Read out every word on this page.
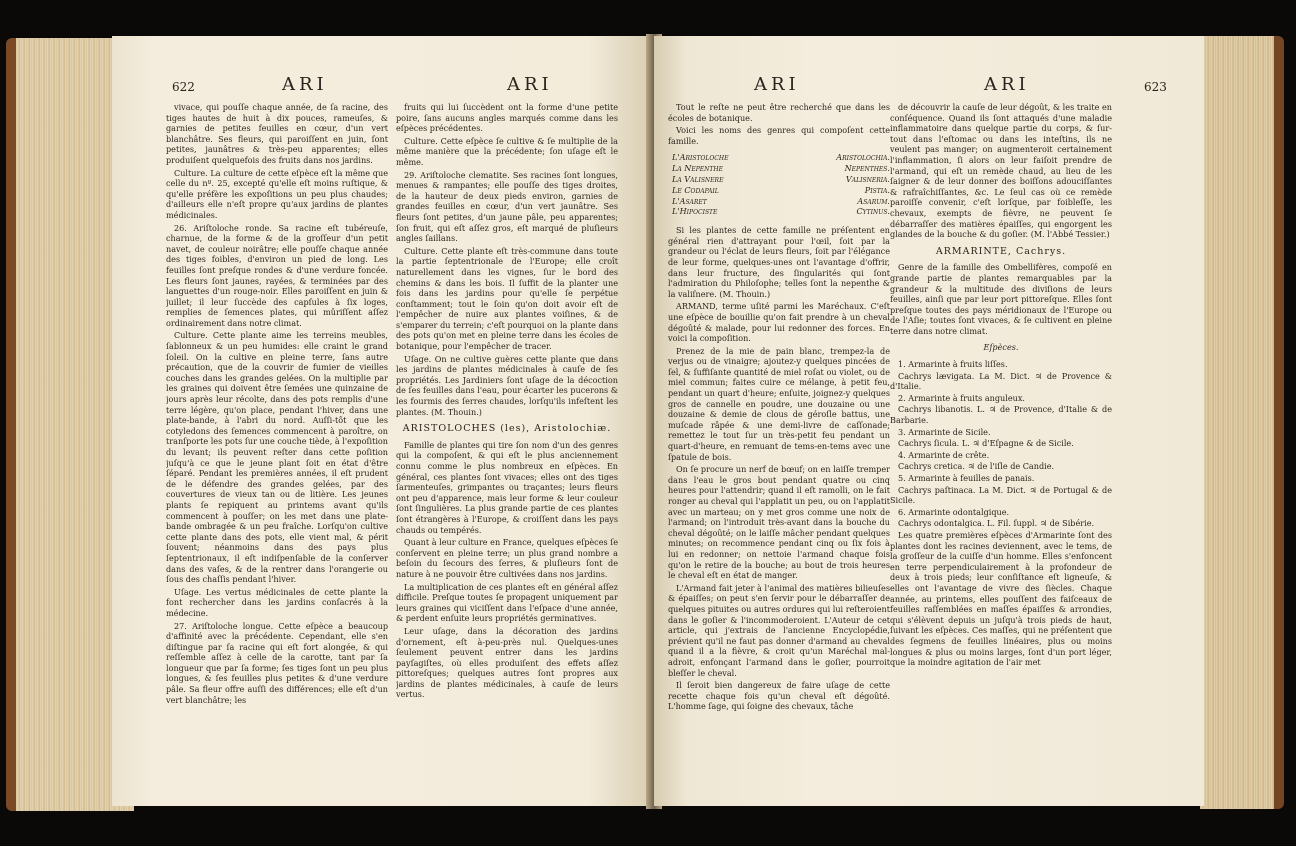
622	ARI	ARI

vivace, qui pouſſe chaque année, de ſa racine, des tiges hautes de huit à dix pouces, rameuſes, & garnies de petites feuilles en cœur, d'un vert blanchâtre. Ses fleurs, qui paroiſſent en juin, ſont petites, jaunâtres & très-peu apparentes; elles produiſent quelquefois des fruits dans nos jardins.

Culture. La culture de cette eſpèce eſt la même que celle du nº. 25, excepté qu'elle eſt moins ruſtique, & qu'elle préfère les expoſitions un peu plus chaudes; d'ailleurs elle n'eſt propre qu'aux jardins de plantes médicinales.

26. Ariſtoloche ronde. Sa racine eſt tubéreuſe, charnue, de la forme & de la groſſeur d'un petit navet, de couleur noirâtre; elle pouſſe chaque année des tiges foibles, d'environ un pied de long. Les feuilles ſont preſque rondes & d'une verdure foncée. Les fleurs ſont jaunes, rayées, & terminées par des languettes d'un rouge-noir. Elles paroiſſent en juin & juillet; il leur ſuccède des capſules à ſix loges, remplies de ſemences plates, qui mûriſſent aſſez ordinairement dans notre climat.

Culture. Cette plante aime les terreins meubles, ſablonneux & un peu humides: elle craint le grand ſoleil. On la cultive en pleine terre, ſans autre précaution, que de la couvrir de fumier de vieilles couches dans les grandes gelées. On la multiplie par les graines qui doivent être ſemées une quinzaine de jours après leur récolte, dans des pots remplis d'une terre légère, qu'on place, pendant l'hiver, dans une plate-bande, à l'abri du nord. Auſſi-tôt que les cotyledons des ſemences commencent à paroître, on tranſporte les pots ſur une couche tiède, à l'expoſition du levant; ils peuvent reſter dans cette poſition juſqu'à ce que le jeune plant ſoit en état d'être ſéparé. Pendant les premières années, il eſt prudent de le défendre des grandes gelées, par des couvertures de vieux tan ou de litière. Les jeunes plants ſe repiquent au printems avant qu'ils commencent à pouſſer; on les met dans une plate-bande ombragée & un peu fraîche. Lorſqu'on cultive cette plante dans des pots, elle vient mal, & périt ſouvent; néanmoins dans des pays plus ſeptentrionaux, il eſt indiſpenſable de la conſerver dans des vaſes, & de la rentrer dans l'orangerie ou ſous des chaſſis pendant l'hiver.

Uſage. Les vertus médicinales de cette plante la font rechercher dans les jardins conſacrés à la médecine.

27. Ariſtoloche longue. Cette eſpèce a beaucoup d'affinité avec la précédente. Cependant, elle s'en diſtingue par ſa racine qui eſt fort alongée, & qui reſſemble aſſez à celle de la carotte, tant par ſa longueur que par ſa forme; ſes tiges ſont un peu plus longues, & ſes feuilles plus petites & d'une verdure pâle. Sa fleur offre auſſi des différences; elle eſt d'un vert blanchâtre; les

fruits qui lui ſuccèdent ont la forme d'une petite poire, ſans aucuns angles marqués comme dans les eſpèces précédentes.

Culture. Cette eſpèce ſe cultive & ſe multiplie de la même manière que la précédente; ſon uſage eſt le même.

29. Ariſtoloche clematite. Ses racines ſont longues, menues & rampantes; elle pouſſe des tiges droites, de la hauteur de deux pieds environ, garnies de grandes feuilles en cœur, d'un vert jaunâtre. Ses fleurs ſont petites, d'un jaune pâle, peu apparentes; ſon fruit, qui eſt aſſez gros, eſt marqué de pluſieurs angles ſaillans.

Culture. Cette plante eſt très-commune dans toute la partie ſeptentrionale de l'Europe; elle croît naturellement dans les vignes, ſur le bord des chemins & dans les bois. Il ſuffit de la planter une fois dans les jardins pour qu'elle ſe perpétue conſtamment; tout le ſoin qu'on doit avoir eſt de l'empêcher de nuire aux plantes voiſines, & de s'emparer du terrein; c'eſt pourquoi on la plante dans des pots qu'on met en pleine terre dans les écoles de botanique, pour l'empêcher de tracer.

Uſage. On ne cultive guères cette plante que dans les jardins de plantes médicinales à cauſe de ſes propriétés. Les Jardiniers ſont uſage de la décoction de ſes feuilles dans l'eau, pour écarter les pucerons & les fourmis des ſerres chaudes, lorſqu'ils infeſtent les plantes. (M. Thouin.)

ARISTOLOCHES (les), Aristolochiæ.

Famille de plantes qui tire ſon nom d'un des genres qui la compoſent, & qui eſt le plus anciennement connu comme le plus nombreux en eſpèces. En général, ces plantes ſont vivaces; elles ont des tiges ſarmenteuſes, grimpantes ou traçantes; leurs fleurs ont peu d'apparence, mais leur forme & leur couleur ſont ſingulières. La plus grande partie de ces plantes ſont étrangères à l'Europe, & croiſſent dans les pays chauds ou tempérés.

Quant à leur culture en France, quelques eſpèces ſe conſervent en pleine terre; un plus grand nombre a beſoin du ſecours des ſerres, & pluſieurs ſont de nature à ne pouvoir être cultivées dans nos jardins.

La multiplication de ces plantes eſt en général aſſez difficile. Preſque toutes ſe propagent uniquement par leurs graines qui viciſſent dans l'eſpace d'une année, & perdent enſuite leurs propriétés germinatives.

Leur uſage, dans la décoration des jardins d'ornement, eſt à-peu-près nul. Quelques-unes ſeulement peuvent entrer dans les jardins payſagiſtes, où elles produiſent des effets aſſez pittoreſques; quelques autres ſont propres aux jardins de plantes médicinales, à cauſe de leurs vertus.

ARI	ARI	623

Tout le reſte ne peut être recherché que dans les écoles de botanique.

Voici les noms des genres qui compoſent cette famille.

L'Aristoloche	Aristolochia.
La Nepenthe	Nepenthes.
La Valisnere	Valisneria.
Le Codapail	Pistia.
L'Asaret	Asarum.
L'Hipociste	Cytinus.

Si les plantes de cette famille ne préſentent en général rien d'attrayant pour l'œil, ſoit par la grandeur ou l'éclat de leurs fleurs, ſoit par l'élégance de leur forme, quelques-unes ont l'avantage d'offrir, dans leur fructure, des ſingularités qui ſont l'admiration du Philoſophe; telles ſont la nepenthe & la valiſnere. (M. Thouin.)

ARMAND, terme uſité parmi les Maréchaux. C'eſt une eſpèce de bouillie qu'on fait prendre à un cheval dégoûté & malade, pour lui redonner des forces. En voici la compoſition.

Prenez de la mie de pain blanc, trempez-la de verjus ou de vinaigre; ajoutez-y quelques pincées de ſel, & ſuffiſante quantité de miel roſat ou violet, ou de miel commun; faites cuire ce mélange, à petit feu, pendant un quart d'heure; enſuite, joignez-y quelques gros de cannelle en poudre, une douzaine ou une douzaine & demie de clous de géroſle battus, une muſcade râpée & une demi-livre de caſſonade; remettez le tout ſur un très-petit feu pendant un quart-d'heure, en remuant de tems-en-tems avec une ſpatule de bois.

On ſe procure un nerf de bœuf; on en laiſſe tremper dans l'eau le gros bout pendant quatre ou cinq heures pour l'attendrir; quand il eſt ramolli, on le fait ronger au cheval qui l'applatit un peu, ou on l'applatit avec un marteau; on y met gros comme une noix de l'armand; on l'introduit très-avant dans la bouche du cheval dégoûté; on le laiſſe mâcher pendant quelques minutes; on recommence pendant cinq ou ſix fois à lui en redonner; on nettoie l'armand chaque fois qu'on le retire de la bouche; au bout de trois heures le cheval eſt en état de manger.

L'Armand fait jeter à l'animal des matières bilieuſes & épaiſſes; on peut s'en ſervir pour le débarraſſer de quelques pituites ou autres ordures qui lui reſteroient dans le goſier & l'incommoderoient. L'Auteur de cet article, qui j'extrais de l'ancienne Encyclopédie, prévient qu'il ne faut pas donner d'armand au cheval quand il a la fièvre, & croit qu'un Maréchal mal-adroit, enfonçant l'armand dans le goſier, pourroit bleſſer le cheval.

Il ſeroit bien dangereux de faire uſage de cette recette chaque fois qu'un cheval eſt dégoûté. L'homme ſage, qui ſoigne des chevaux, tâche

de découvrir la cauſe de leur dégoût, & les traite en conſéquence. Quand ils ſont attaqués d'une maladie inflammatoire dans quelque partie du corps, & ſur-tout dans l'eſtomac ou dans les inteſtins, ils ne veulent pas manger; on augmenteroit certainement l'inflammation, ſi alors on leur faiſoit prendre de l'armand, qui eſt un remède chaud, au lieu de les ſaigner & de leur donner des boiſſons adouciſſantes & rafraîchiſſantes, &c. Le ſeul cas où ce remède paroiſſe convenir, c'eſt lorſque, par foibleſſe, les chevaux, exempts de fièvre, ne peuvent ſe débarraſſer des matières épaiſſes, qui engorgent les glandes de la bouche & du goſier. (M. l'Abbé Tessier.)

ARMARINTE, Cachrys.

Genre de la famille des Ombellifères, compoſé en grande partie de plantes remarquables par la grandeur & la multitude des diviſions de leurs feuilles, ainſi que par leur port pittoreſque. Elles ſont preſque toutes des pays méridionaux de l'Europe ou de l'Aſie; toutes ſont vivaces, & ſe cultivent en pleine terre dans notre climat.

Eſpèces.

1. Armarinte à fruits liſſes.

Cachrys lævigata. La M. Dict. ♃ de Provence & d'Italie.

2. Armarinte à fruits anguleux.

Cachrys libanotis. L. ♃ de Provence, d'Italie & de Barbarie.

3. Armarinte de Sicile.

Cachrys ſicula. L. ♃ d'Eſpagne & de Sicile.

4. Armarinte de crête.

Cachrys cretica. ♃ de l'iſle de Candie.

5. Armarinte à feuilles de panais.

Cachrys paſtinaca. La M. Dict. ♃ de Portugal & de Sicile.

6. Armarinte odontalgique.

Cachrys odontalgica. L. Fil. ſuppl. ♃ de Sibérie.

Les quatre premières eſpèces d'Armarinte ſont des plantes dont les racines deviennent, avec le tems, de la groſſeur de la cuiſſe d'un homme. Elles s'enfoncent en terre perpendiculairement à la profondeur de deux à trois pieds; leur conſiſtance eſt ligneuſe, & elles ont l'avantage de vivre des ſiècles. Chaque année, au printems, elles pouſſent des faiſceaux de feuilles raſſemblées en maſſes épaiſſes & arrondies, qui s'élèvent depuis un juſqu'à trois pieds de haut, ſuivant les eſpèces. Ces maſſes, qui ne préſentent que des ſegmens de feuilles linéaires, plus ou moins longues & plus ou moins larges, ſont d'un port léger, que la moindre agitation de l'air met
